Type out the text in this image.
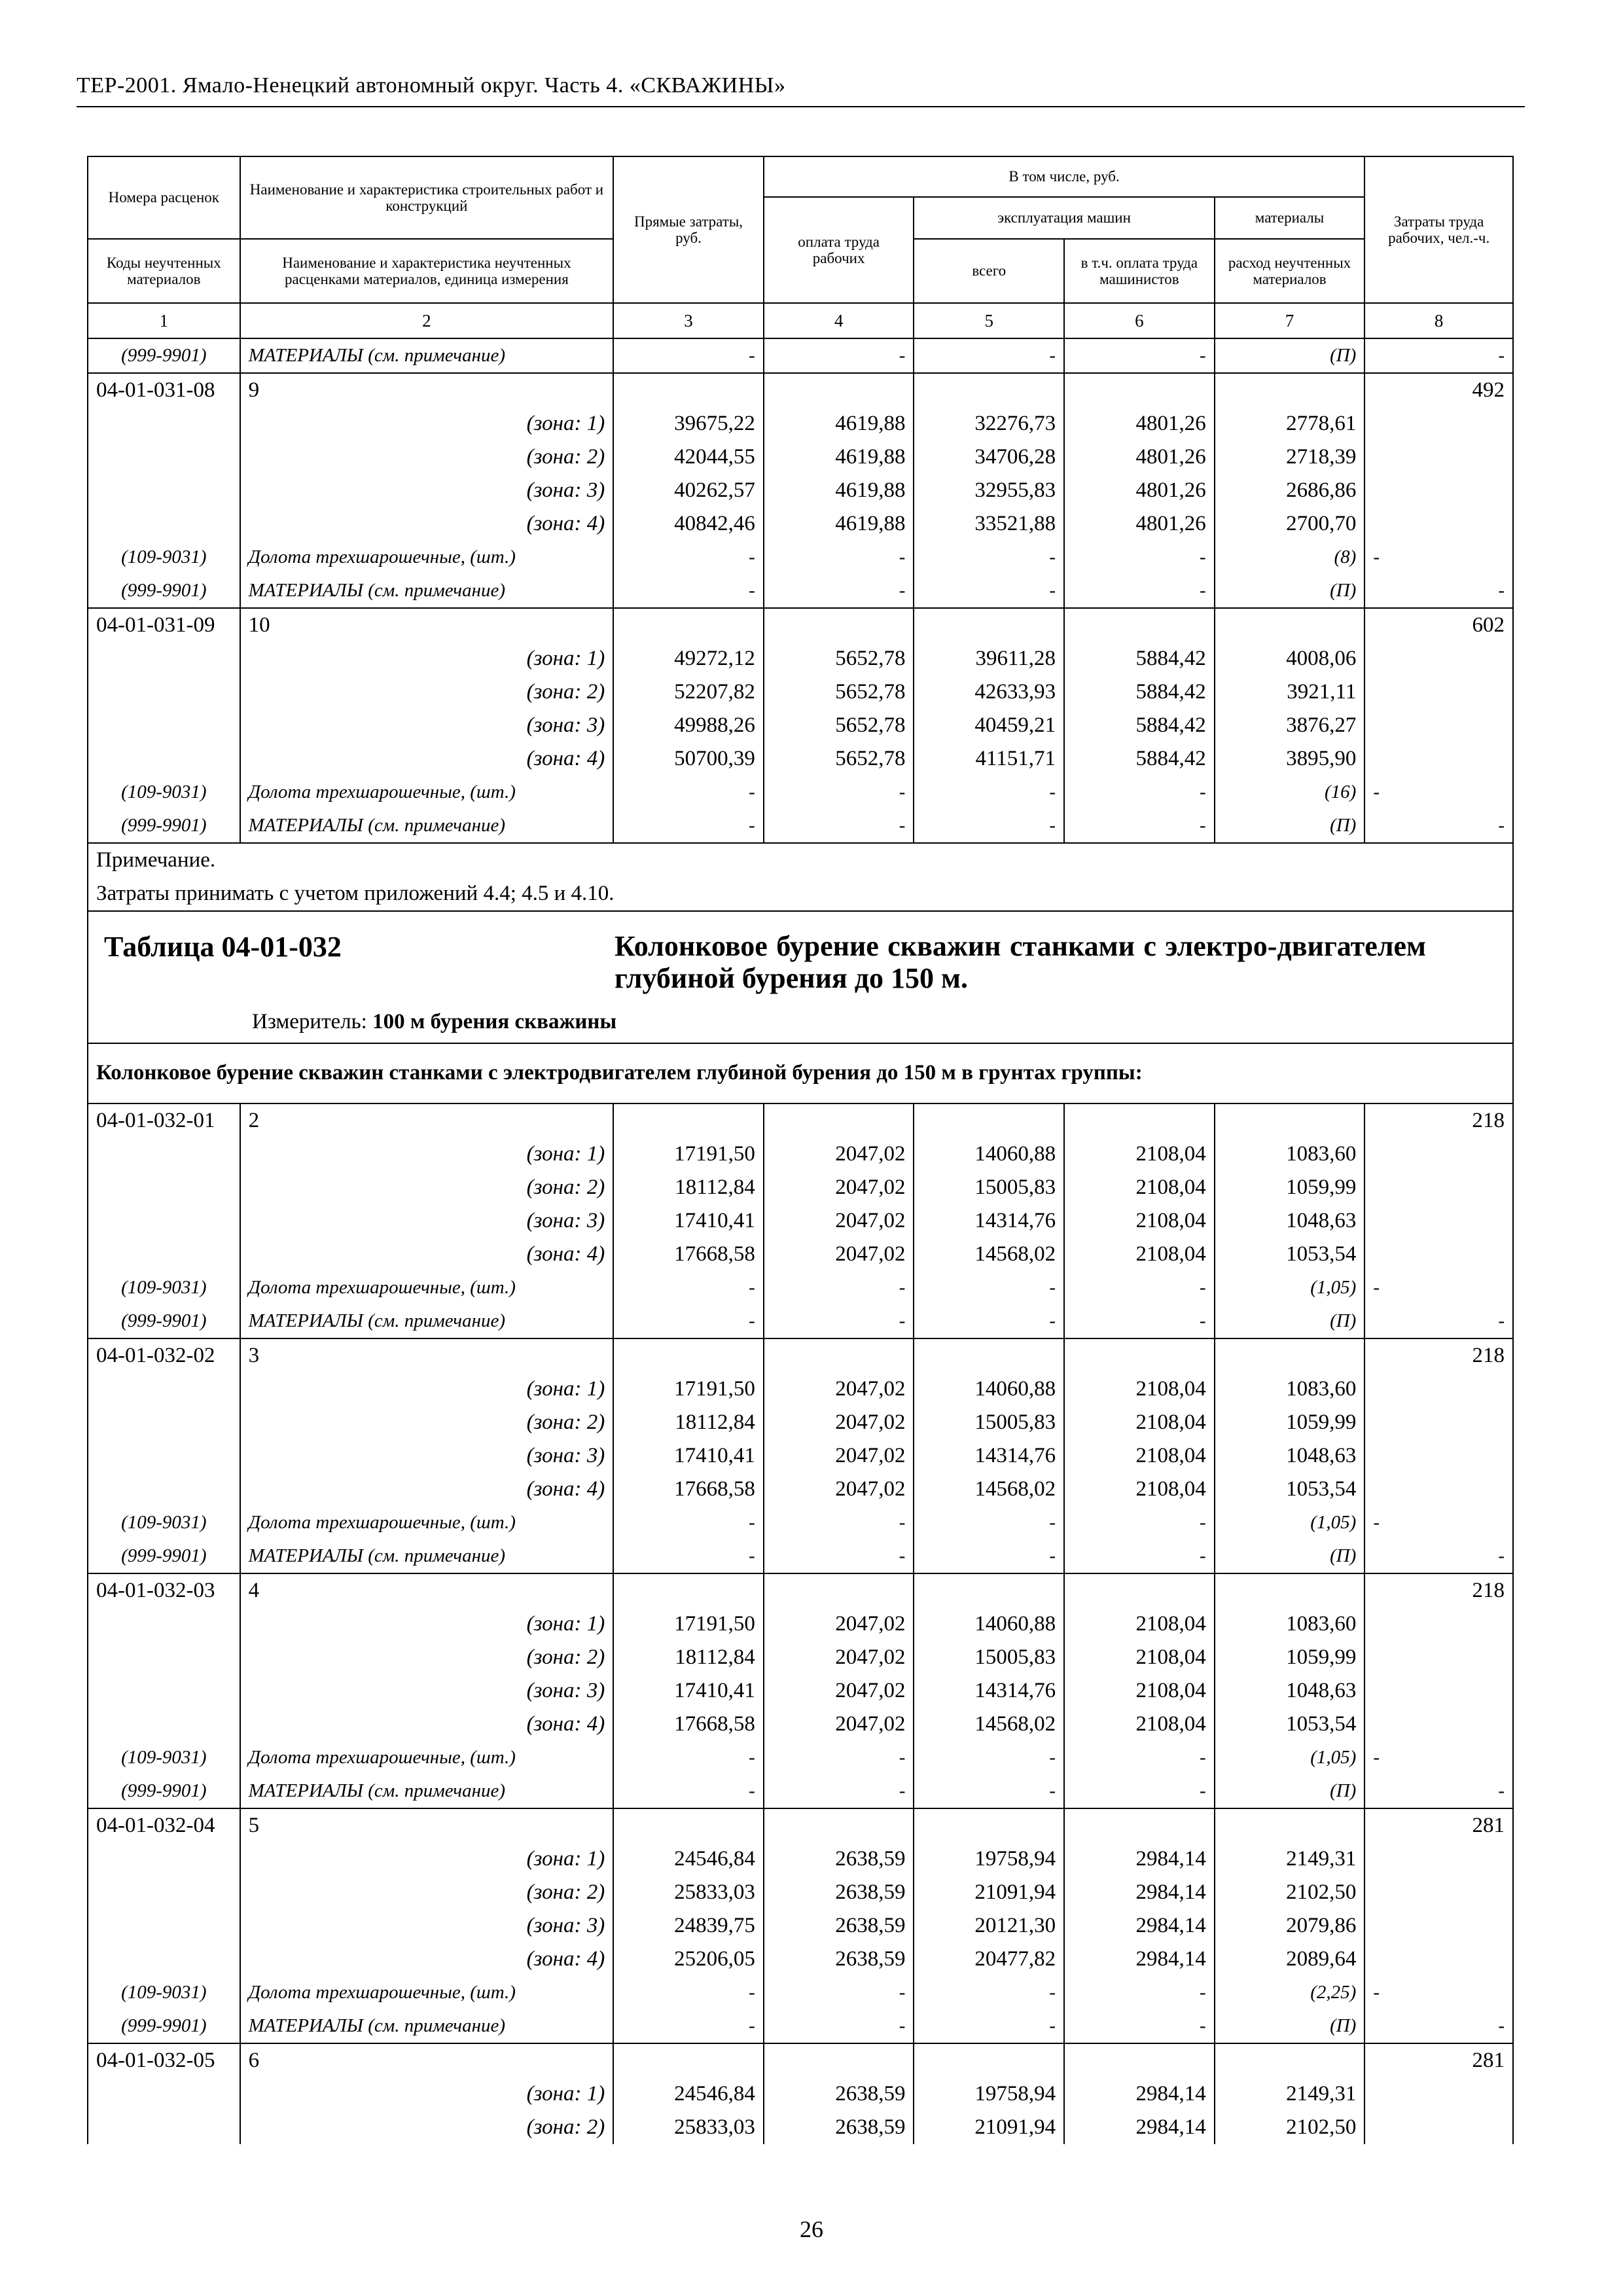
ТЕР-2001. Ямало-Ненецкий автономный округ. Часть 4. «СКВАЖИНЫ»
Номера расценок	Наименование и характеристика строительных работ и конструкций	Прямые затраты, руб.	В том числе, руб.				Затраты труда рабочих, чел.-ч.
			оплата труда рабочих	эксплуатация машин		материалы	
Коды неучтенных материалов	Наименование и характеристика неучтенных расценками материалов, единица измерения			всего	в т.ч. оплата труда машинистов	расход неучтенных материалов	
1	2	3	4	5	6	7	8
(999-9901)	МАТЕРИАЛЫ (см. примечание)	-	-	-	-	(П)	-
04-01-031-08	9						492
	(зона: 1)	39675,22	4619,88	32276,73	4801,26	2778,61	
	(зона: 2)	42044,55	4619,88	34706,28	4801,26	2718,39	
	(зона: 3)	40262,57	4619,88	32955,83	4801,26	2686,86	
	(зона: 4)	40842,46	4619,88	33521,88	4801,26	2700,70	
(109-9031)	Долота трехшарошечные, (шт.)	-	-	-	-	(8)	-
(999-9901)	МАТЕРИАЛЫ (см. примечание)	-	-	-	-	(П)	-
04-01-031-09	10						602
	(зона: 1)	49272,12	5652,78	39611,28	5884,42	4008,06	
	(зона: 2)	52207,82	5652,78	42633,93	5884,42	3921,11	
	(зона: 3)	49988,26	5652,78	40459,21	5884,42	3876,27	
	(зона: 4)	50700,39	5652,78	41151,71	5884,42	3895,90	
(109-9031)	Долота трехшарошечные, (шт.)	-	-	-	-	(16)	-
(999-9901)	МАТЕРИАЛЫ (см. примечание)	-	-	-	-	(П)	-
Примечание.							
Затраты принимать с учетом приложений 4.4; 4.5 и 4.10.							

Таблица 04-01-032 Колонковое бурение скважин станками с электро-двигателем глубиной бурения до 150 м.
Измеритель: 100 м бурения скважины							

Колонковое бурение скважин станками с электродвигателем глубиной бурения до 150 м в грунтах группы:							
04-01-032-01	2						218
	(зона: 1)	17191,50	2047,02	14060,88	2108,04	1083,60	
	(зона: 2)	18112,84	2047,02	15005,83	2108,04	1059,99	
	(зона: 3)	17410,41	2047,02	14314,76	2108,04	1048,63	
	(зона: 4)	17668,58	2047,02	14568,02	2108,04	1053,54	
(109-9031)	Долота трехшарошечные, (шт.)	-	-	-	-	(1,05)	-
(999-9901)	МАТЕРИАЛЫ (см. примечание)	-	-	-	-	(П)	-
04-01-032-02	3						218
	(зона: 1)	17191,50	2047,02	14060,88	2108,04	1083,60	
	(зона: 2)	18112,84	2047,02	15005,83	2108,04	1059,99	
	(зона: 3)	17410,41	2047,02	14314,76	2108,04	1048,63	
	(зона: 4)	17668,58	2047,02	14568,02	2108,04	1053,54	
(109-9031)	Долота трехшарошечные, (шт.)	-	-	-	-	(1,05)	-
(999-9901)	МАТЕРИАЛЫ (см. примечание)	-	-	-	-	(П)	-
04-01-032-03	4						218
	(зона: 1)	17191,50	2047,02	14060,88	2108,04	1083,60	
	(зона: 2)	18112,84	2047,02	15005,83	2108,04	1059,99	
	(зона: 3)	17410,41	2047,02	14314,76	2108,04	1048,63	
	(зона: 4)	17668,58	2047,02	14568,02	2108,04	1053,54	
(109-9031)	Долота трехшарошечные, (шт.)	-	-	-	-	(1,05)	-
(999-9901)	МАТЕРИАЛЫ (см. примечание)	-	-	-	-	(П)	-
04-01-032-04	5						281
	(зона: 1)	24546,84	2638,59	19758,94	2984,14	2149,31	
	(зона: 2)	25833,03	2638,59	21091,94	2984,14	2102,50	
	(зона: 3)	24839,75	2638,59	20121,30	2984,14	2079,86	
	(зона: 4)	25206,05	2638,59	20477,82	2984,14	2089,64	
(109-9031)	Долота трехшарошечные, (шт.)	-	-	-	-	(2,25)	-
(999-9901)	МАТЕРИАЛЫ (см. примечание)	-	-	-	-	(П)	-
04-01-032-05	6						281
	(зона: 1)	24546,84	2638,59	19758,94	2984,14	2149,31	
	(зона: 2)	25833,03	2638,59	21091,94	2984,14	2102,50	
26
